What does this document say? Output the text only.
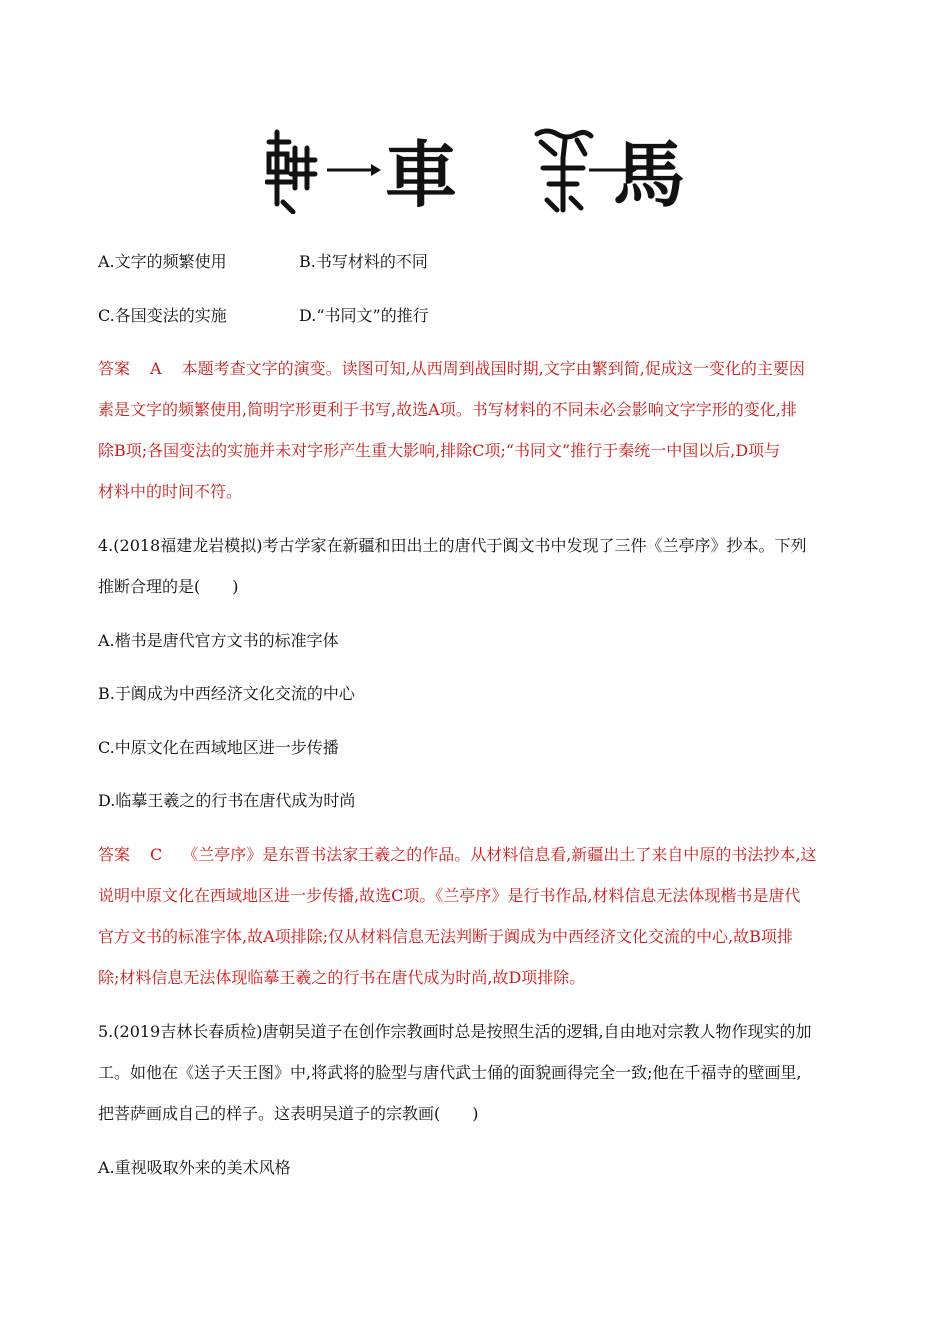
車 馬
A.文字的频繁使用	B.书写材料的不同
C.各国变法的实施	D.“书同文”的推行
答案 A 本题考查文字的演变。读图可知,从西周到战国时期,文字由繁到简,促成这一变化的主要因
素是文字的频繁使用,简明字形更利于书写,故选A项。书写材料的不同未必会影响文字字形的变化,排
除B项;各国变法的实施并未对字形产生重大影响,排除C项;“书同文”推行于秦统一中国以后,D项与
材料中的时间不符。
4.(2018福建龙岩模拟)考古学家在新疆和田出土的唐代于阗文书中发现了三件《兰亭序》抄本。下列
推断合理的是(　　)
A.楷书是唐代官方文书的标准字体
B.于阗成为中西经济文化交流的中心
C.中原文化在西域地区进一步传播
D.临摹王羲之的行书在唐代成为时尚
答案 C 《兰亭序》是东晋书法家王羲之的作品。从材料信息看,新疆出土了来自中原的书法抄本,这
说明中原文化在西域地区进一步传播,故选C项。《兰亭序》是行书作品,材料信息无法体现楷书是唐代
官方文书的标准字体,故A项排除;仅从材料信息无法判断于阗成为中西经济文化交流的中心,故B项排
除;材料信息无法体现临摹王羲之的行书在唐代成为时尚,故D项排除。
5.(2019吉林长春质检)唐朝吴道子在创作宗教画时总是按照生活的逻辑,自由地对宗教人物作现实的加
工。如他在《送子天王图》中,将武将的脸型与唐代武士俑的面貌画得完全一致;他在千福寺的壁画里,
把菩萨画成自己的样子。这表明吴道子的宗教画(　　)
A.重视吸取外来的美术风格
